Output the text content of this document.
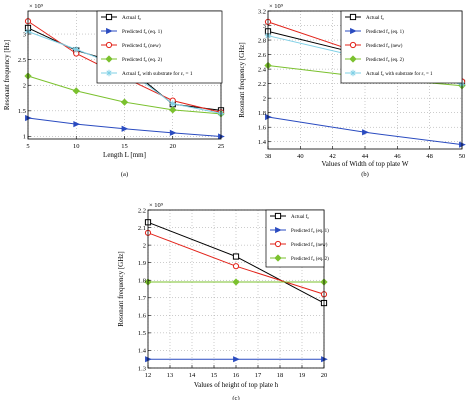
5	10	15	20	25
1
1.5
2
2.5
3
× 10⁹
Length L [mm]
Resonant frequency [Hz]
(a)
Actual f₀
Predicted f₀ (eq. 1)
Predicted f₀ (new)
Predicted f₀ (eq. 2)
Actual f₀ with substrate for εᵣ = 1
38	40	42	44	46	48	50
1.4
1.6
1.8
2
2.2
2.4
2.6
2.8
3
3.2
× 10⁹
Values of Width of top plate W
Resonant frequency [GHz]
(b)
Actual f₀
Predicted f₀ (eq. 1)
Predicted f₀ (new)
Predicted f₀ (eq. 2)
Actual f₀ with substrate for εᵣ = 1
12 13 14 15 16 17 18 19 20
1.3
1.4
1.5
1.6
1.7
1.8
1.9
2
2.1
2.2
× 10⁹
Values of height of top plate h
Resonant frequency [GHz]
(c)
Actual f₀
Predicted f₀ (eq. 1)
Predicted f₀ (new)
Predicted f₀ (eq. 2)
